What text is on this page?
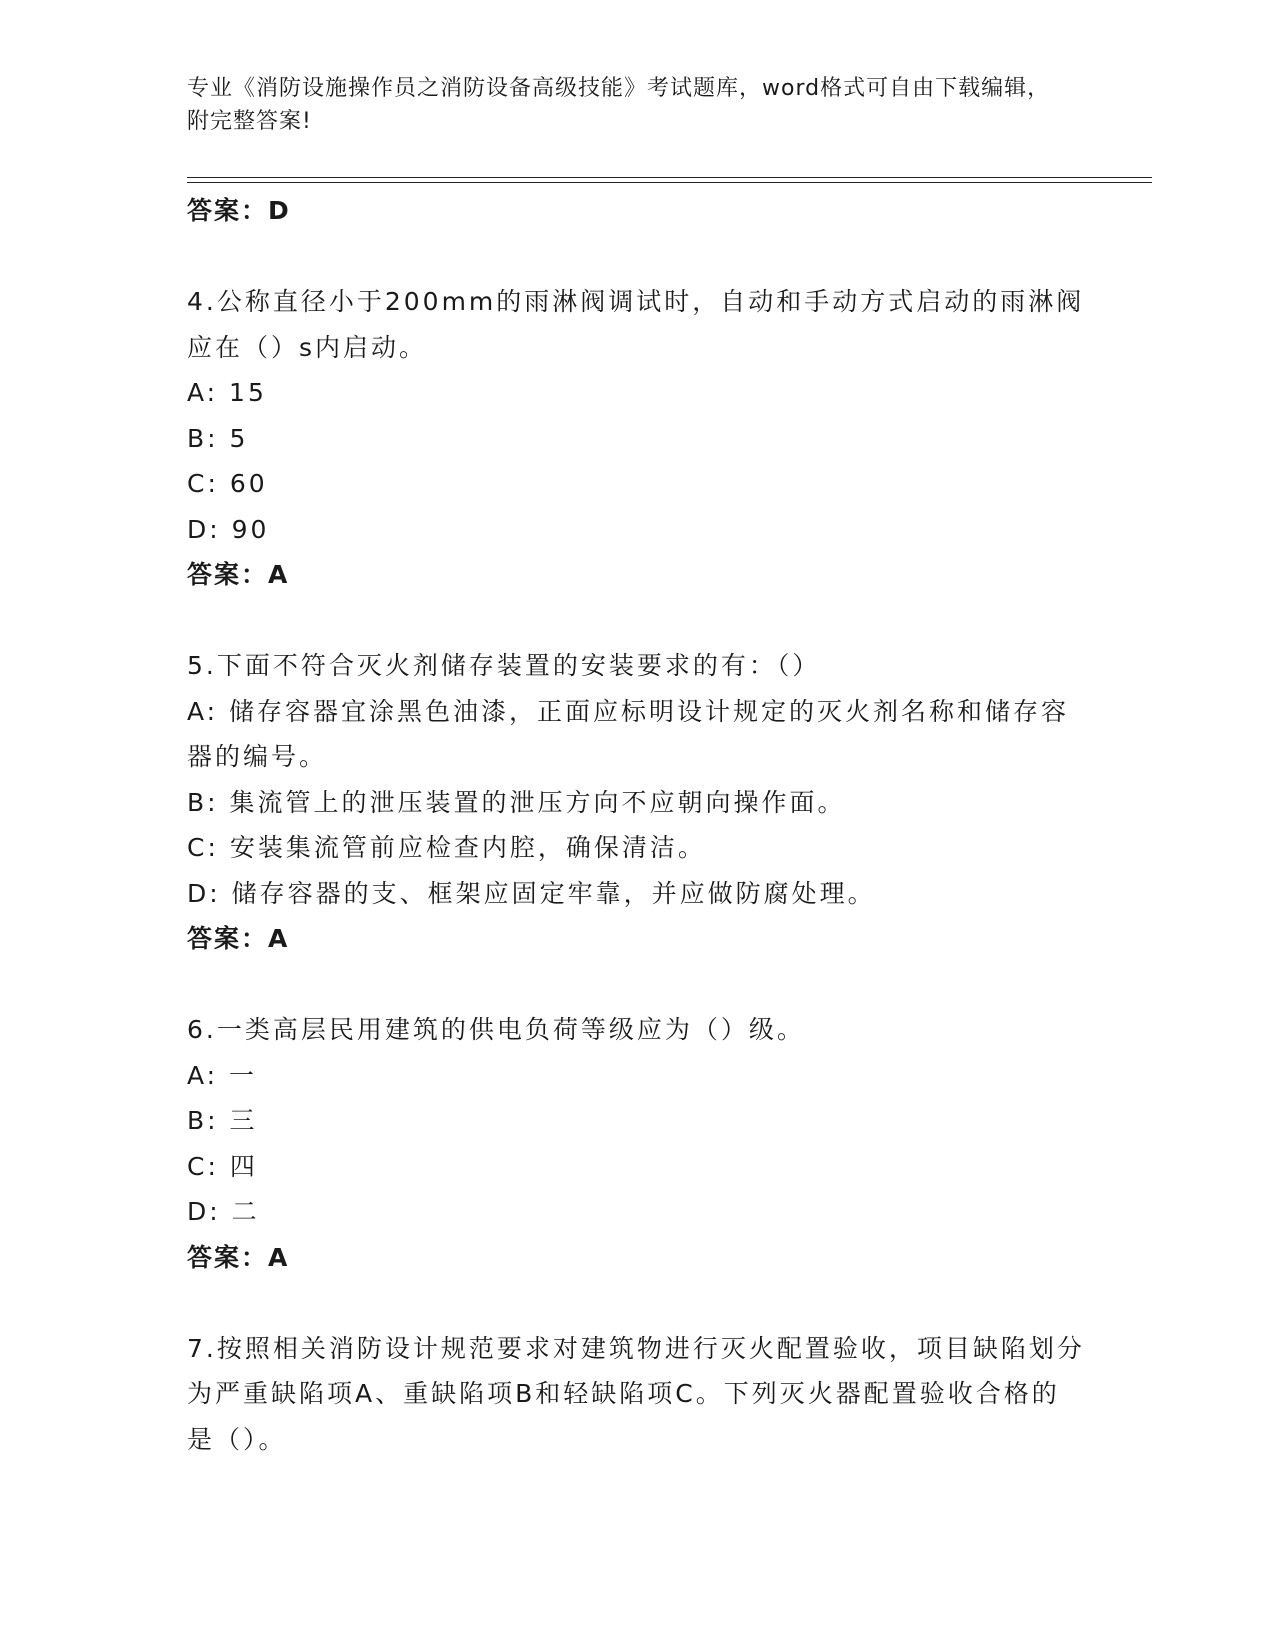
专业《消防设施操作员之消防设备高级技能》考试题库，word格式可自由下载编辑，附完整答案!
答案：D
4.公称直径小于200mm的雨淋阀调试时，自动和手动方式启动的雨淋阀应在（）s内启动。
A: 15
B: 5
C: 60
D: 90
答案：A
5.下面不符合灭火剂储存装置的安装要求的有：（）
A: 储存容器宜涂黑色油漆，正面应标明设计规定的灭火剂名称和储存容器的编号。
B: 集流管上的泄压装置的泄压方向不应朝向操作面。
C: 安装集流管前应检查内腔，确保清洁。
D: 储存容器的支、框架应固定牢靠，并应做防腐处理。
答案：A
6.一类高层民用建筑的供电负荷等级应为（）级。
A: 一
B: 三
C: 四
D: 二
答案：A
7.按照相关消防设计规范要求对建筑物进行灭火配置验收，项目缺陷划分为严重缺陷项A、重缺陷项B和轻缺陷项C。下列灭火器配置验收合格的是（）。
